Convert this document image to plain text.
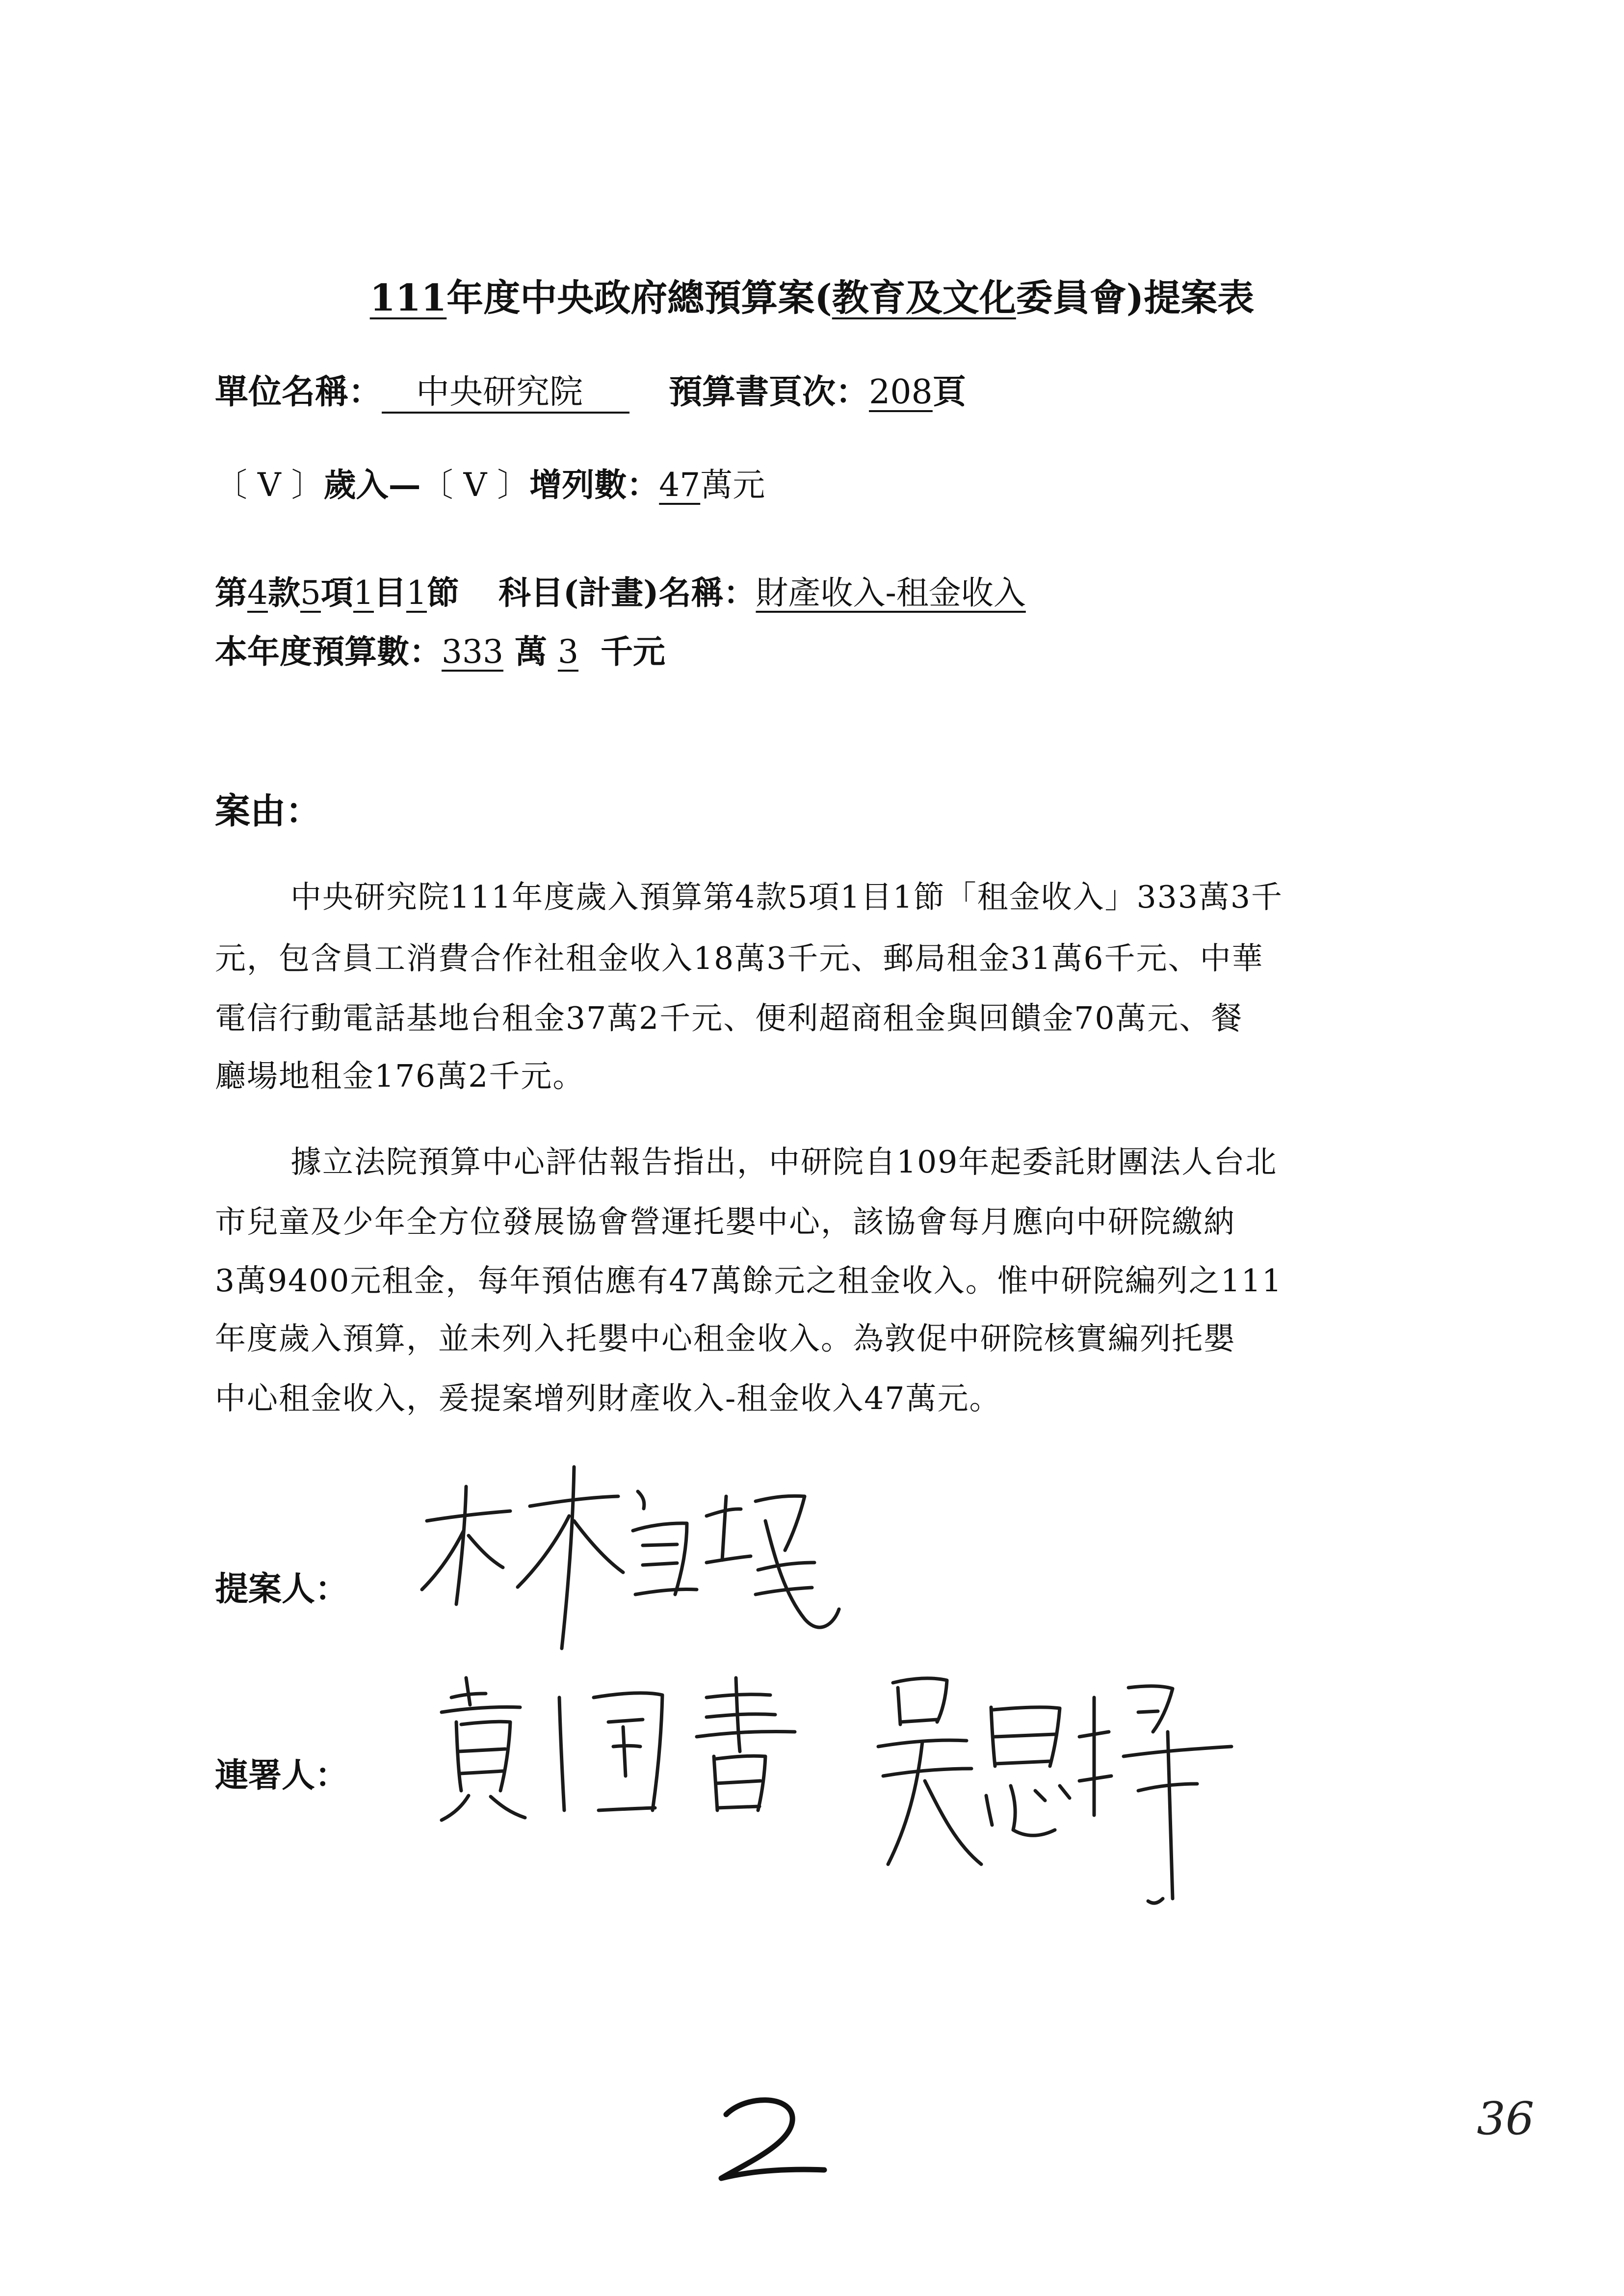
111年度中央政府總預算案(教育及文化委員會)提案表
單位名稱： 中央研究院	預算書頁次：208頁
〔 V 〕歲入—〔 V 〕增列數：47萬元
第4款5項1目1節 科目(計畫)名稱：財產收入-租金收入
本年度預算數：333 萬 3 千元
案由：
中央研究院111年度歲入預算第4款5項1目1節「租金收入」333萬3千
元，包含員工消費合作社租金收入18萬3千元、郵局租金31萬6千元、中華
電信行動電話基地台租金37萬2千元、便利超商租金與回饋金70萬元、餐
廳場地租金176萬2千元。
據立法院預算中心評估報告指出，中研院自109年起委託財團法人台北
市兒童及少年全方位發展協會營運托嬰中心，該協會每月應向中研院繳納
3萬9400元租金，每年預估應有47萬餘元之租金收入。惟中研院編列之111
年度歲入預算，並未列入托嬰中心租金收入。為敦促中研院核實編列托嬰
中心租金收入，爰提案增列財產收入-租金收入47萬元。
提案人：
連署人：
36
